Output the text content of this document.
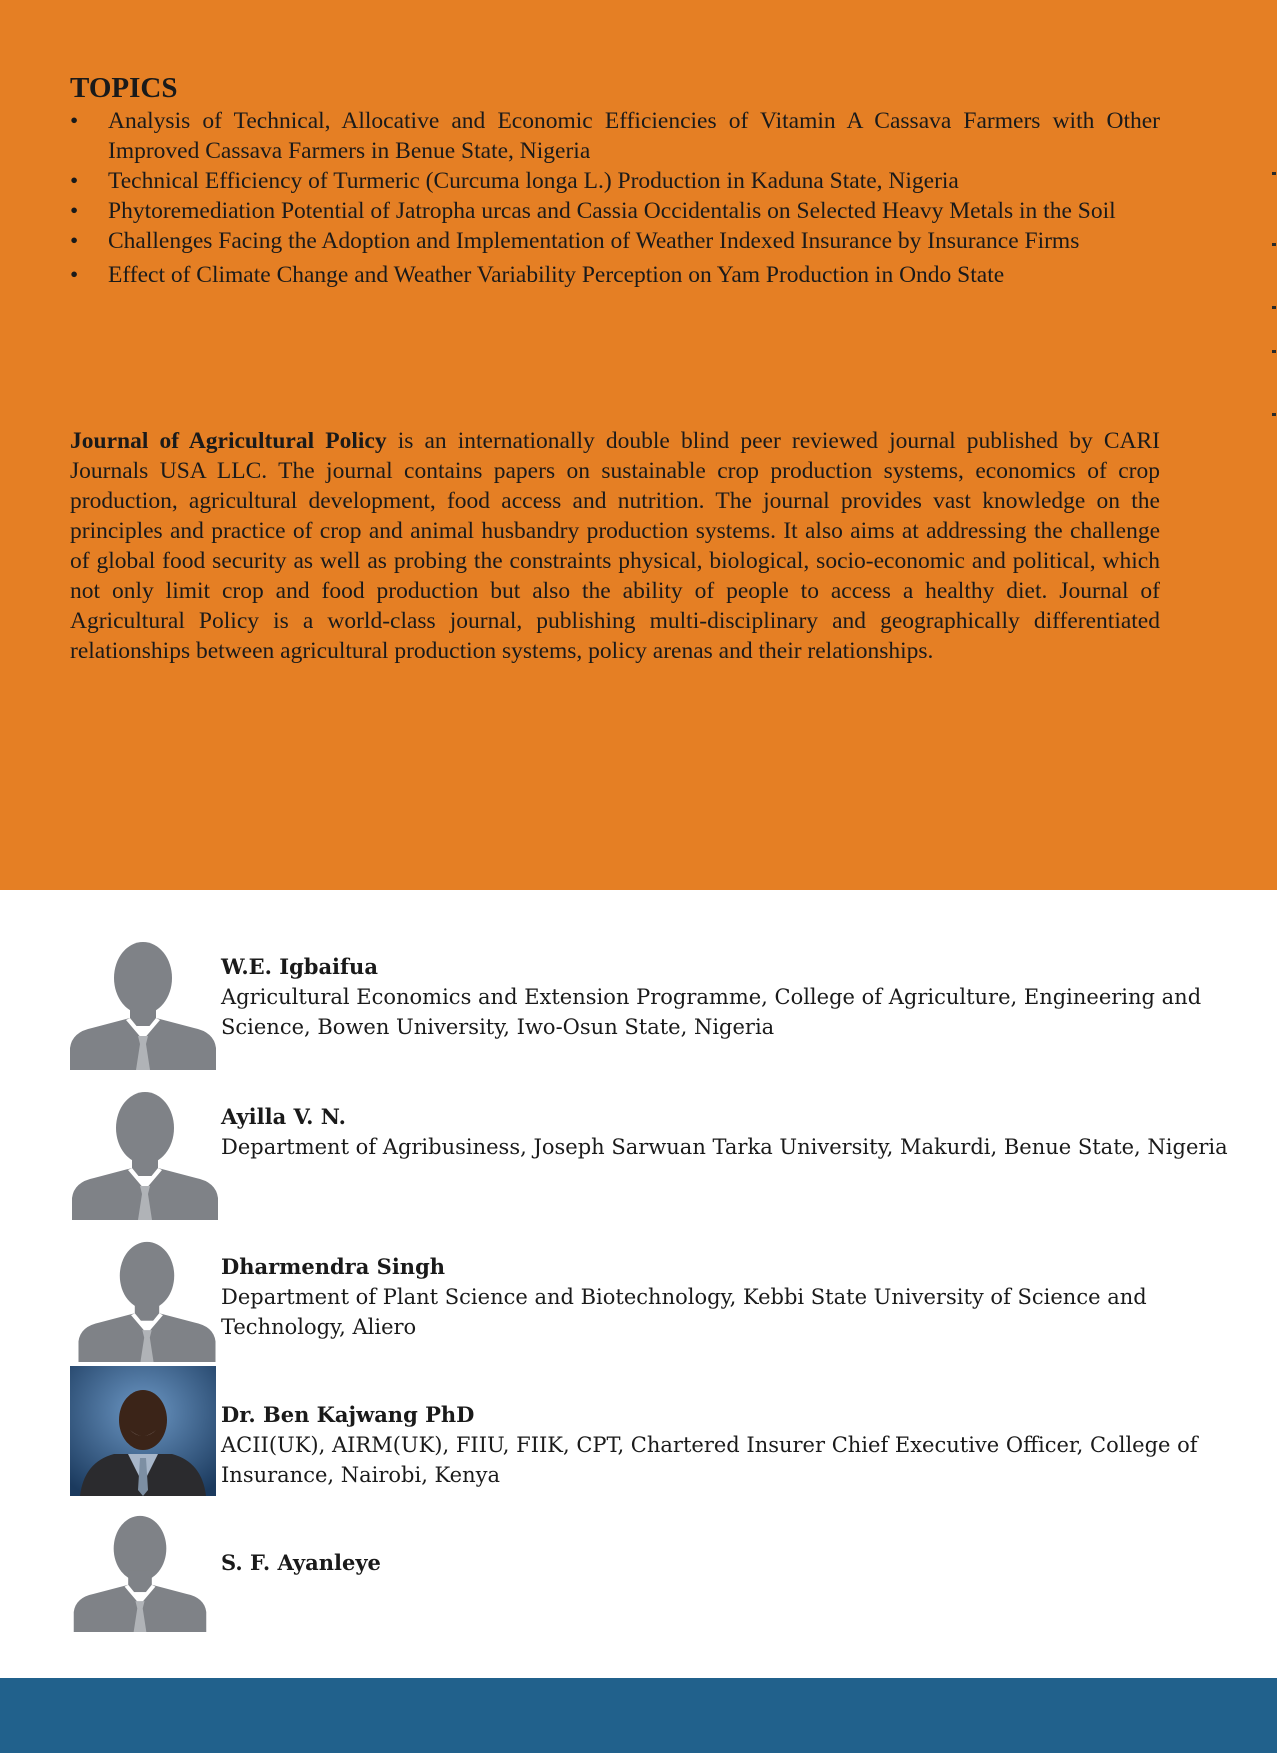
TOPICS
• Analysis of Technical, Allocative and Economic Efficiencies of Vitamin A Cassava Farmers with Other Improved Cassava Farmers in Benue State, Nigeria
• Technical Efficiency of Turmeric (Curcuma longa L.) Production in Kaduna State, Nigeria
• Phytoremediation Potential of Jatropha urcas and Cassia Occidentalis on Selected Heavy Metals in the Soil
• Challenges Facing the Adoption and Implementation of Weather Indexed Insurance by Insurance Firms
• Effect of Climate Change and Weather Variability Perception on Yam Production in Ondo State

Journal of Agricultural Policy is an internationally double blind peer reviewed journal published by CARI Journals USA LLC. The journal contains papers on sustainable crop production systems, economics of crop production, agricultural development, food access and nutrition. The journal provides vast knowledge on the principles and practice of crop and animal husbandry production systems. It also aims at addressing the challenge of global food security as well as probing the constraints physical, biological, socio-economic and political, which not only limit crop and food production but also the ability of people to access a healthy diet. Journal of Agricultural Policy is a world-class journal, publishing multi-disciplinary and geographically differentiated relationships between agricultural production systems, policy arenas and their relationships.

W.E. Igbaifua
Agricultural Economics and Extension Programme, College of Agriculture, Engineering and Science, Bowen University, Iwo-Osun State, Nigeria
Ayilla V. N.
Department of Agribusiness, Joseph Sarwuan Tarka University, Makurdi, Benue State, Nigeria
Dharmendra Singh
Department of Plant Science and Biotechnology, Kebbi State University of Science and Technology, Aliero
Dr. Ben Kajwang PhD
ACII(UK), AIRM(UK), FIIU, FIIK, CPT, Chartered Insurer Chief Executive Officer, College of Insurance, Nairobi, Kenya
S. F. Ayanleye
